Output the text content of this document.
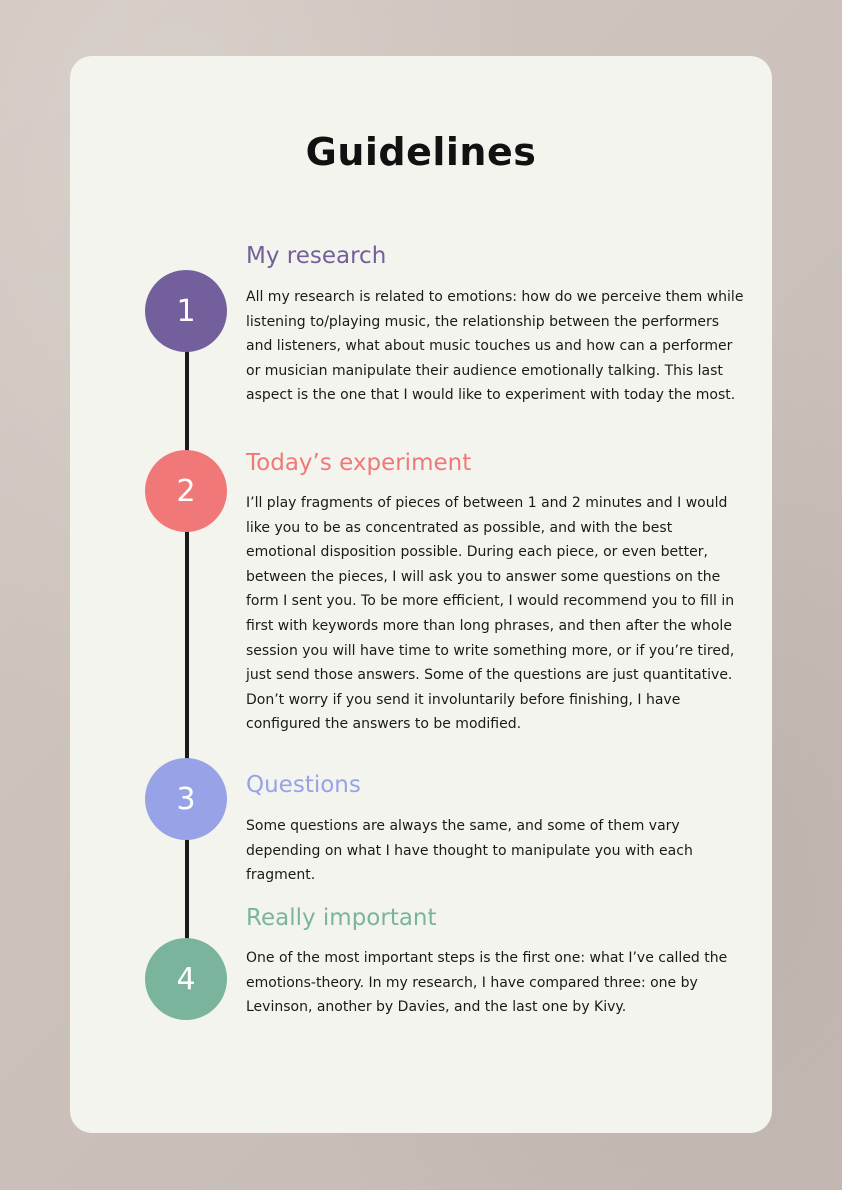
Guidelines
1
My research

All my research is related to emotions: how do we perceive them while listening to/playing music, the relationship between the performers and listeners, what about music touches us and how can a performer or musician manipulate their audience emotionally talking. This last aspect is the one that I would like to experiment with today the most.

2
Today’s experiment

I’ll play fragments of pieces of between 1 and 2 minutes and I would like you to be as concentrated as possible, and with the best emotional disposition possible. During each piece, or even better, between the pieces, I will ask you to answer some questions on the form I sent you. To be more efficient, I would recommend you to fill in first with keywords more than long phrases, and then after the whole session you will have time to write something more, or if you’re tired, just send those answers. Some of the questions are just quantitative. Don’t worry if you send it involuntarily before finishing, I have configured the answers to be modified.

3 Questions

Some questions are always the same, and some of them vary depending on what I have thought to manipulate you with each fragment.

4
Really important

One of the most important steps is the first one: what I’ve called the emotions-theory. In my research, I have compared three: one by Levinson, another by Davies, and the last one by Kivy.
